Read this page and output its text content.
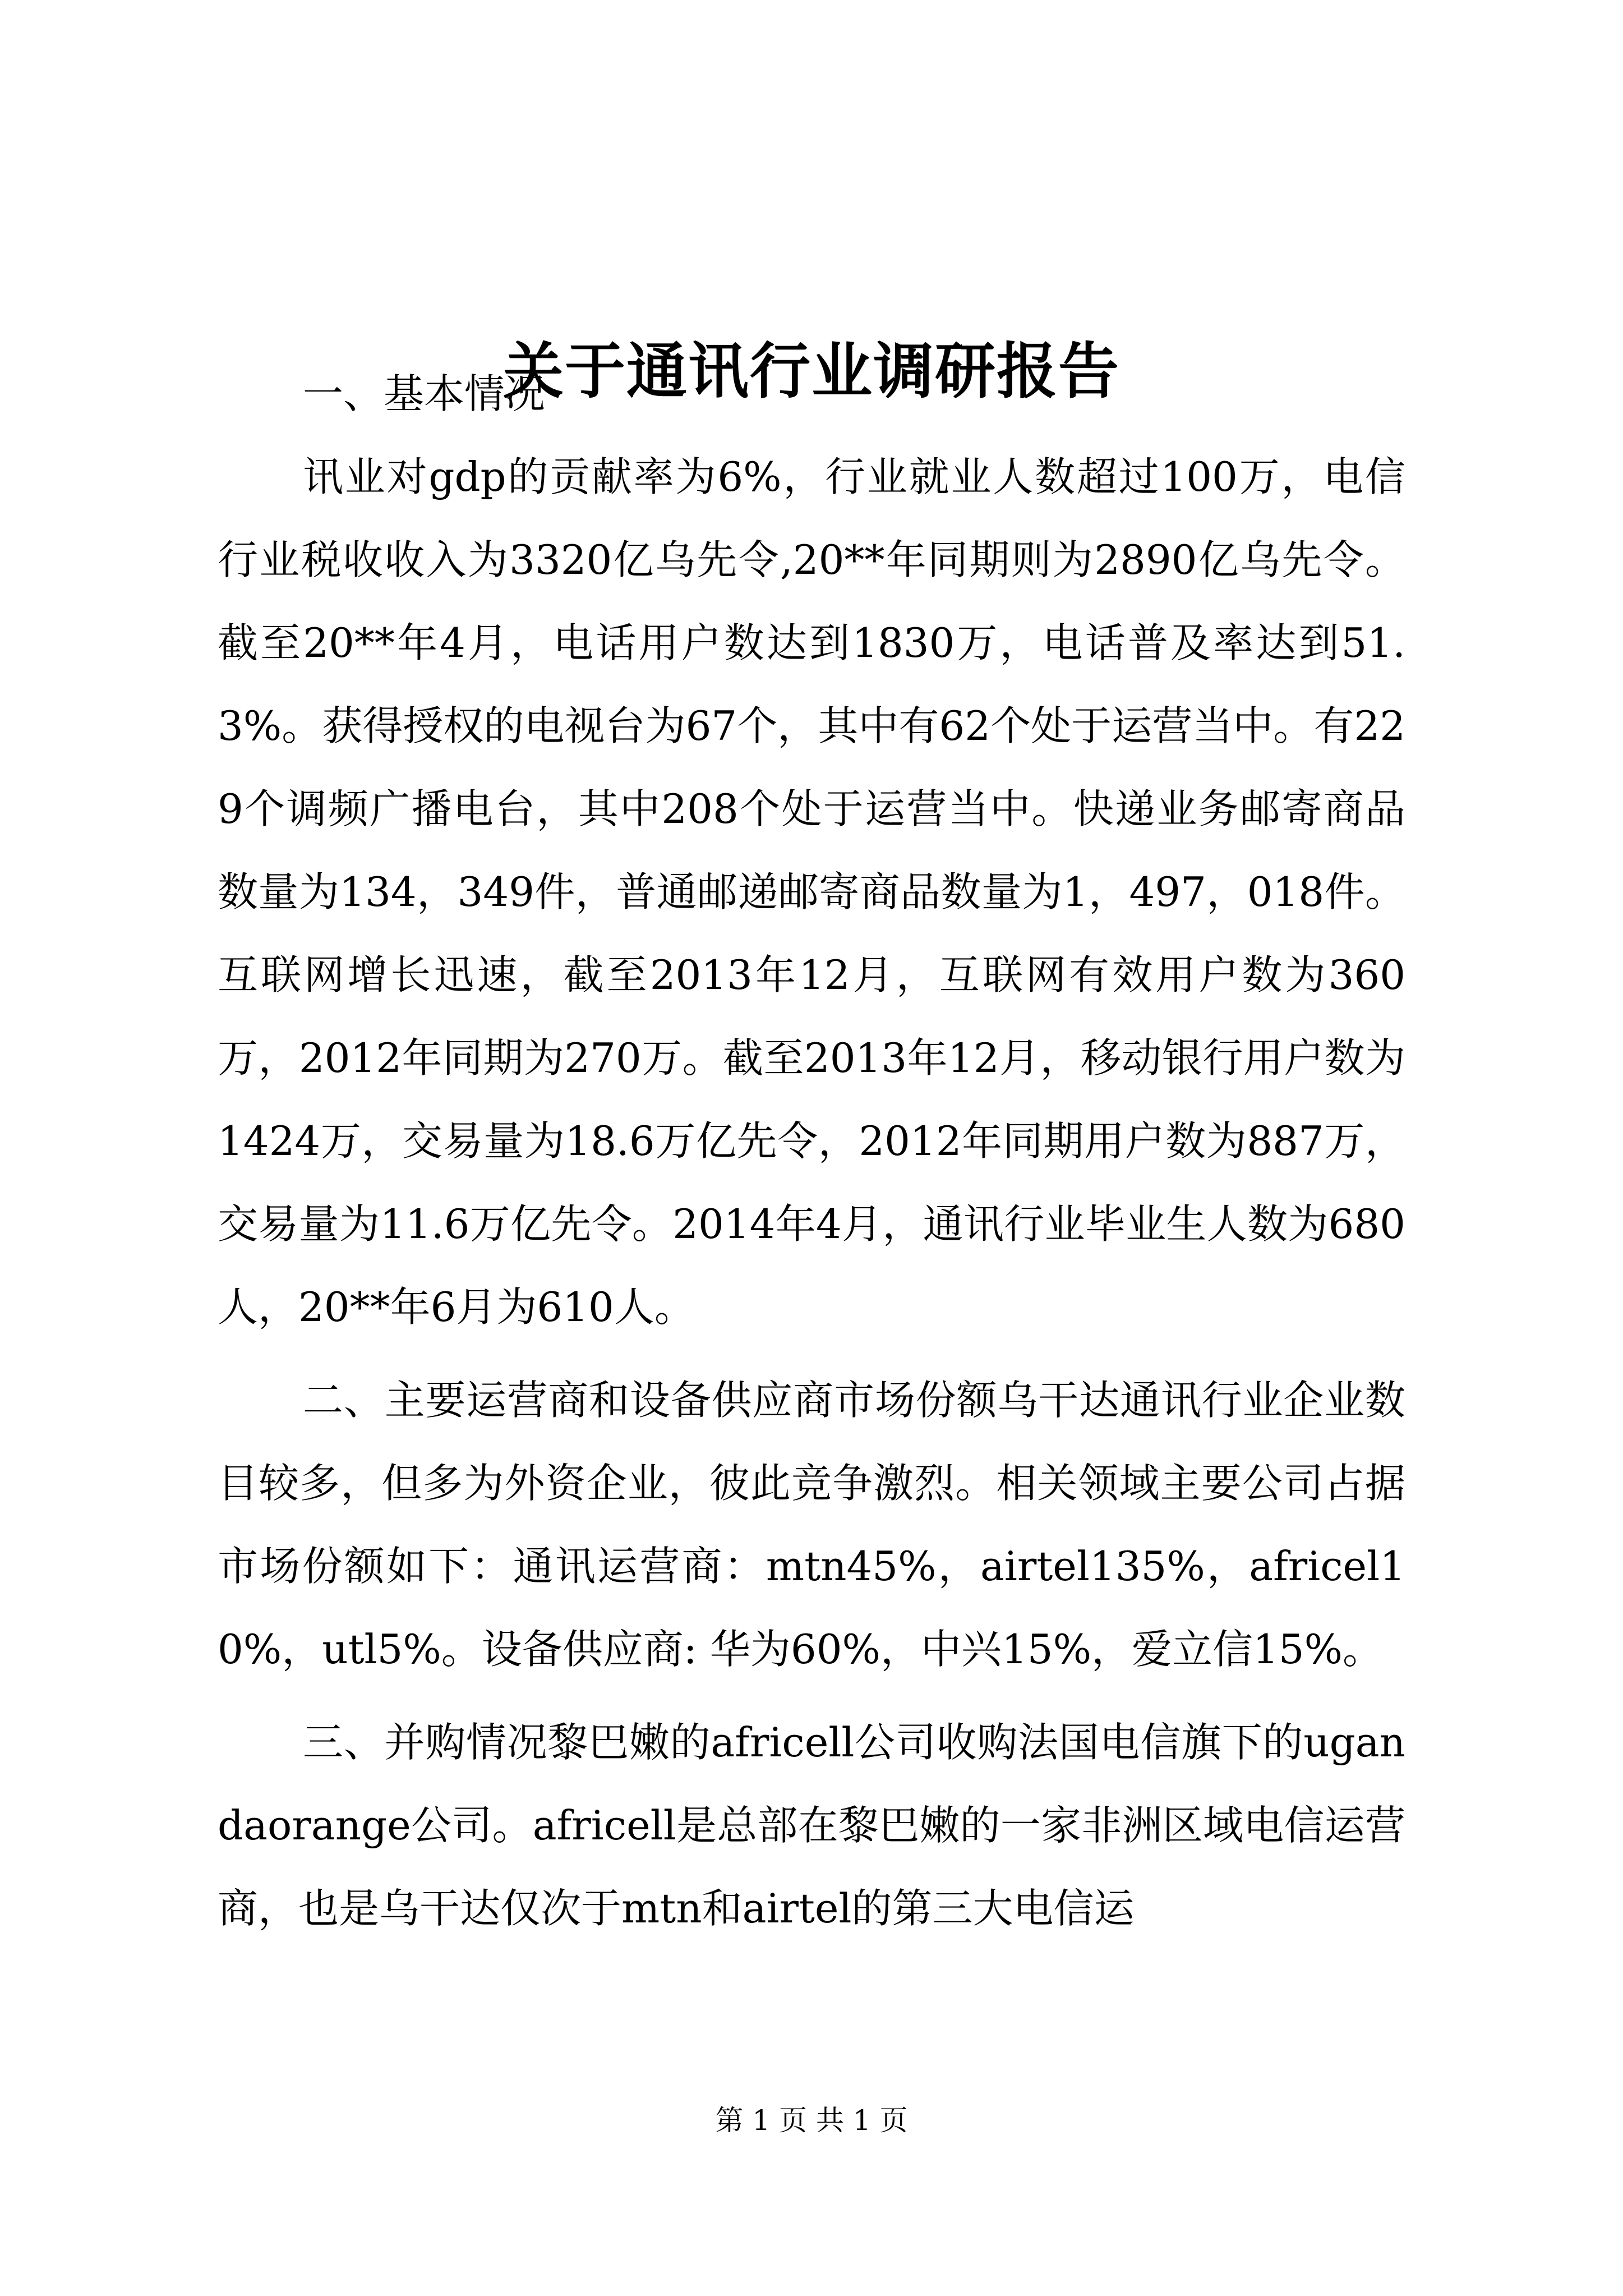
关于通讯行业调研报告

一、基本情况

讯业对gdp的贡献率为6%，行业就业人数超过100万，电信行业税收收入为3320亿乌先令,20**年同期则为2890亿乌先令。截至20**年4月，电话用户数达到1830万，电话普及率达到51.3%。获得授权的电视台为67个，其中有62个处于运营当中。有229个调频广播电台，其中208个处于运营当中。快递业务邮寄商品数量为134，349件，普通邮递邮寄商品数量为1，497，018件。互联网增长迅速，截至2013年12月，互联网有效用户数为360万，2012年同期为270万。截至2013年12月，移动银行用户数为1424万，交易量为18.6万亿先令，2012年同期用户数为887万，交易量为11.6万亿先令。2014年4月，通讯行业毕业生人数为680人，20**年6月为610人。

二、主要运营商和设备供应商市场份额乌干达通讯行业企业数目较多，但多为外资企业，彼此竞争激烈。相关领域主要公司占据市场份额如下：通讯运营商：mtn45%，airtel135%，africel10%，utl5%。设备供应商: 华为60%，中兴15%，爱立信15%。

三、并购情况黎巴嫩的africell公司收购法国电信旗下的ugandaorange公司。africell是总部在黎巴嫩的一家非洲区域电信运营商，也是乌干达仅次于mtn和airtel的第三大电信运

第 1 页 共 1 页
